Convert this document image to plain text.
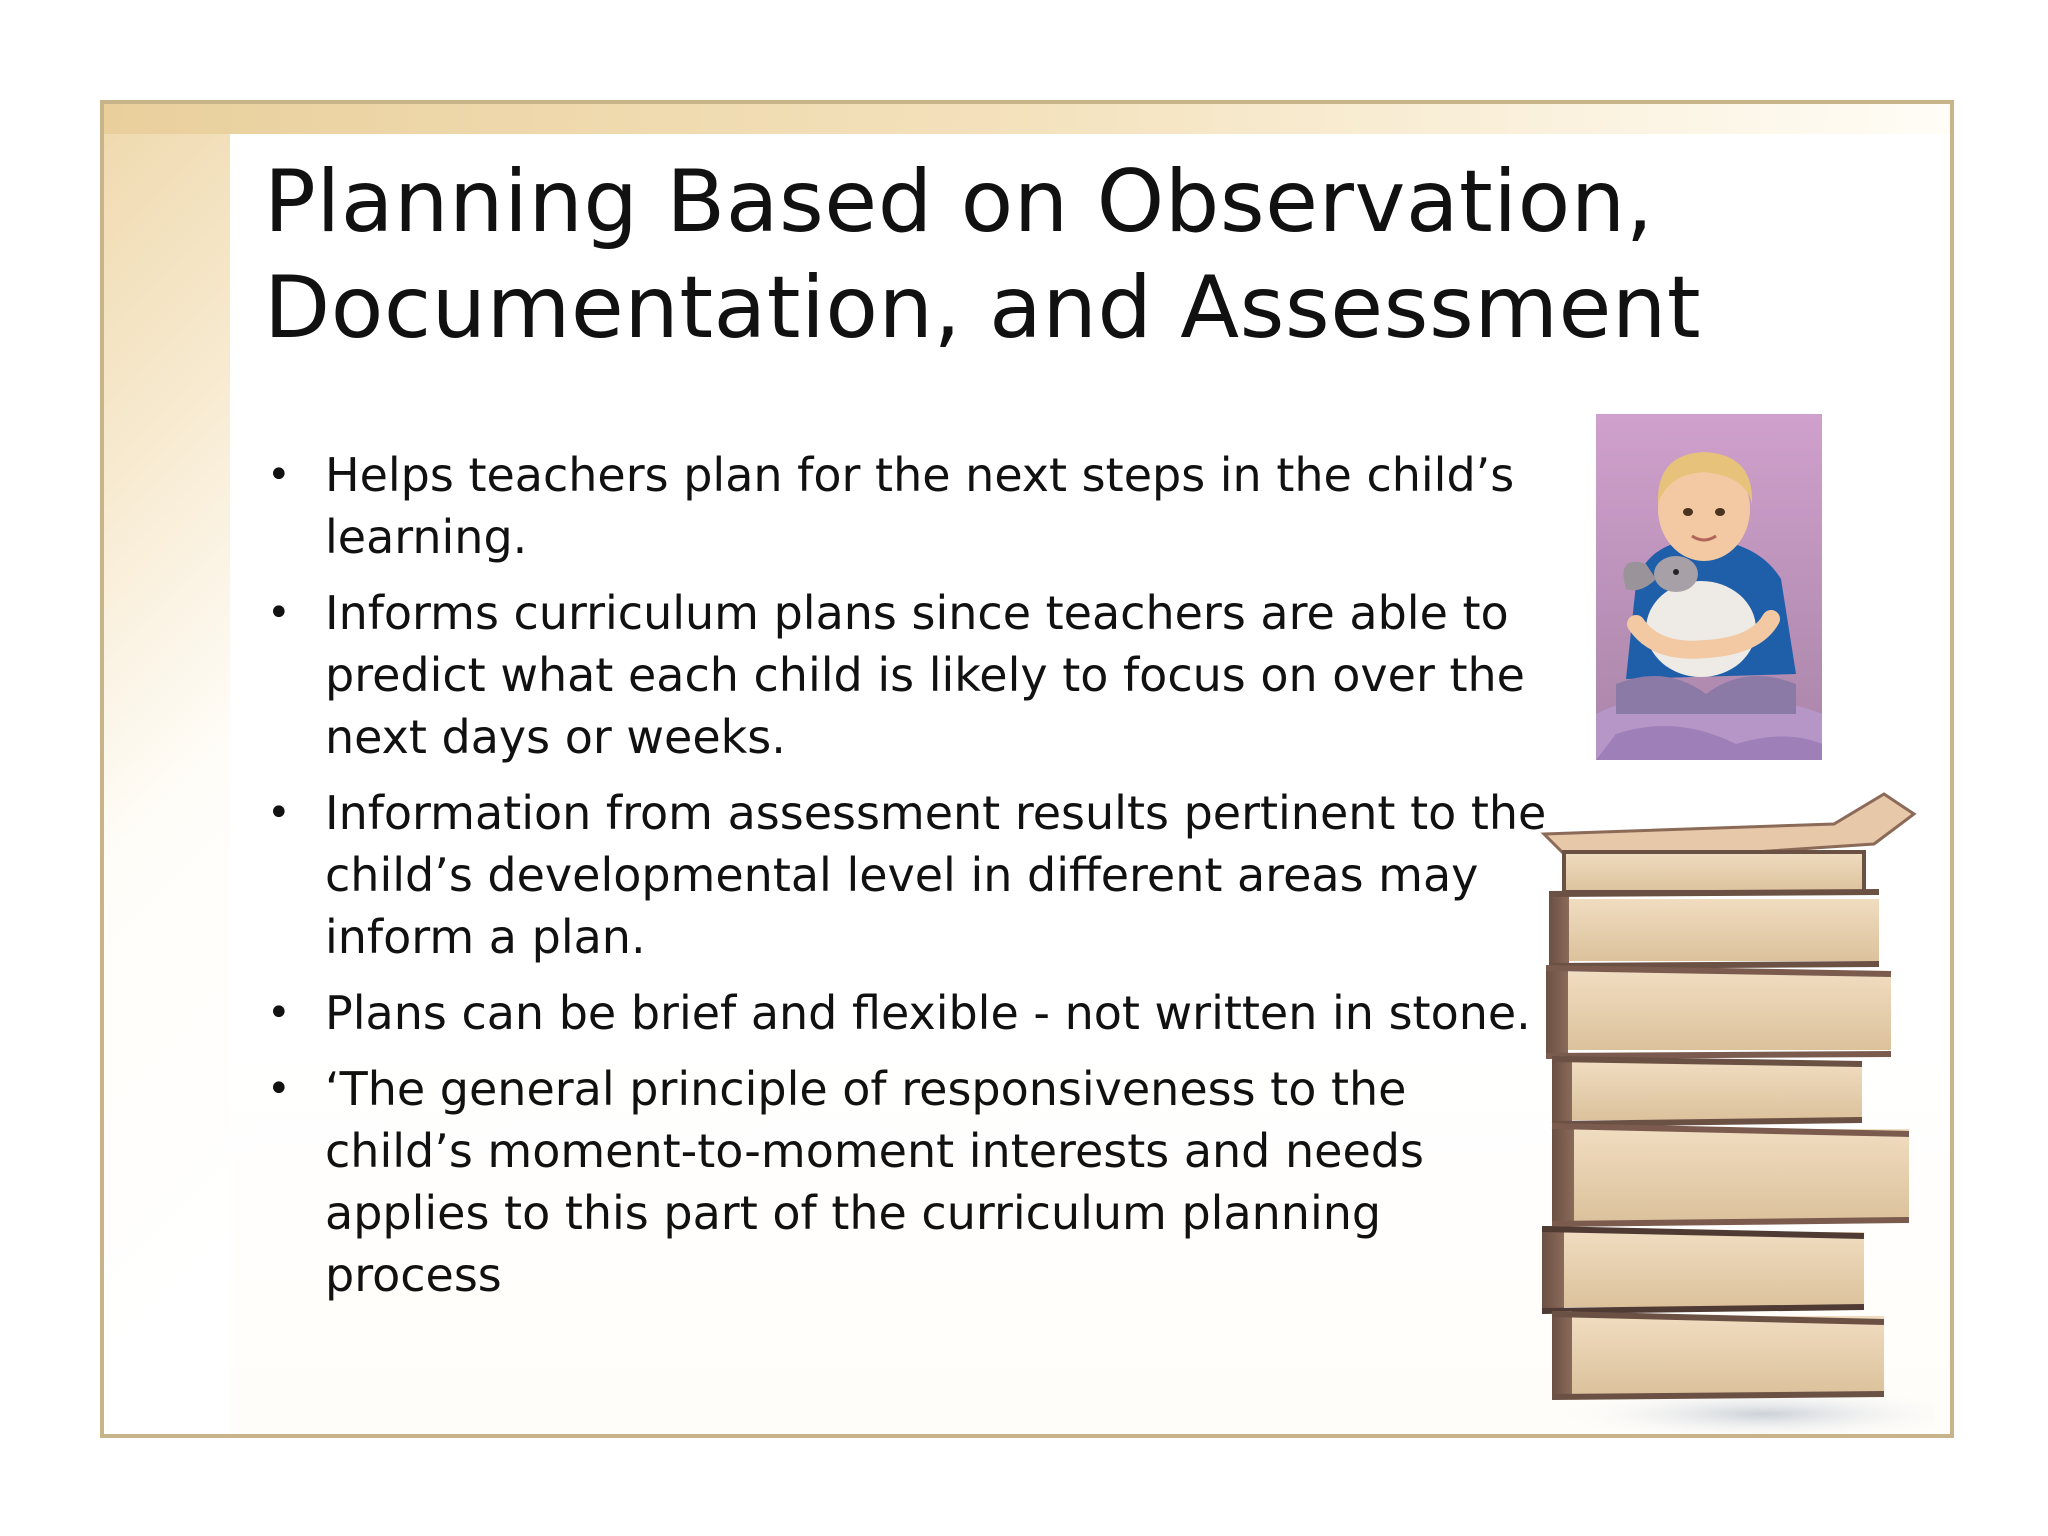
Planning Based on Observation, Documentation, and Assessment
• Helps teachers plan for the next steps in the child’s learning.
• Informs curriculum plans since teachers are able to predict what each child is likely to focus on over the next days or weeks.
• Information from assessment results pertinent to the child’s developmental level in different areas may inform a plan.
• Plans can be brief and flexible - not written in stone.
• ‘The general principle of responsiveness to the child’s moment-to-moment interests and needs applies to this part of the curriculum planning process
